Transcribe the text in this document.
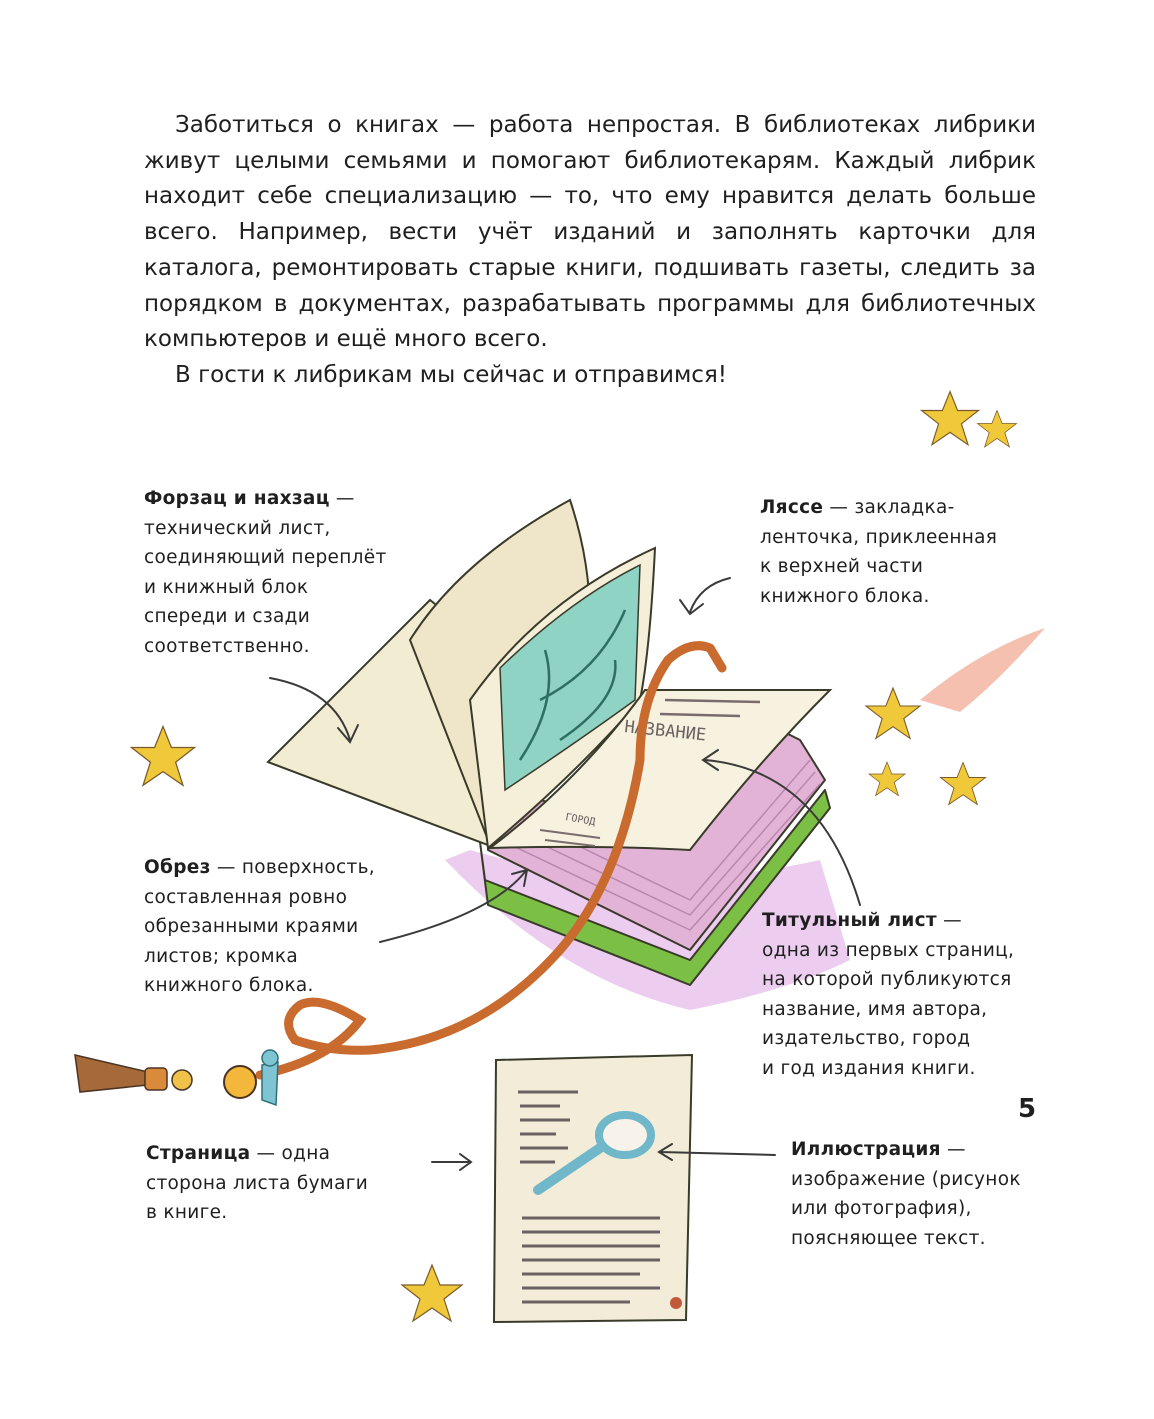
НАЗВАНИЕ
ГОРОД

Заботиться о книгах — работа непростая. В библиотеках либрики живут целыми семьями и помогают библиотекарям. Каждый либрик находит себе специализацию — то, что ему нравится делать больше всего. Например, вести учёт изданий и заполнять карточки для каталога, ремонтировать старые книги, подшивать газеты, следить за порядком в документах, разрабатывать программы для библиотечных компьютеров и ещё много всего.

В гости к либрикам мы сейчас и отправимся!

Форзац и нахзац —
технический лист,
соединяющий переплёт
и книжный блок
спереди и сзади
соответственно.
Ляссе — закладка-
ленточка, приклеенная
к верхней части
книжного блока.
Обрез — поверхность,
составленная ровно
обрезанными краями
листов; кромка
книжного блока.
Титульный лист —
одна из первых страниц,
на которой публикуются
название, имя автора,
издательство, город
и год издания книги.
Страница — одна
сторона листа бумаги
в книге.
Иллюстрация —
изображение (рисунок
или фотография),
поясняющее текст.
5
